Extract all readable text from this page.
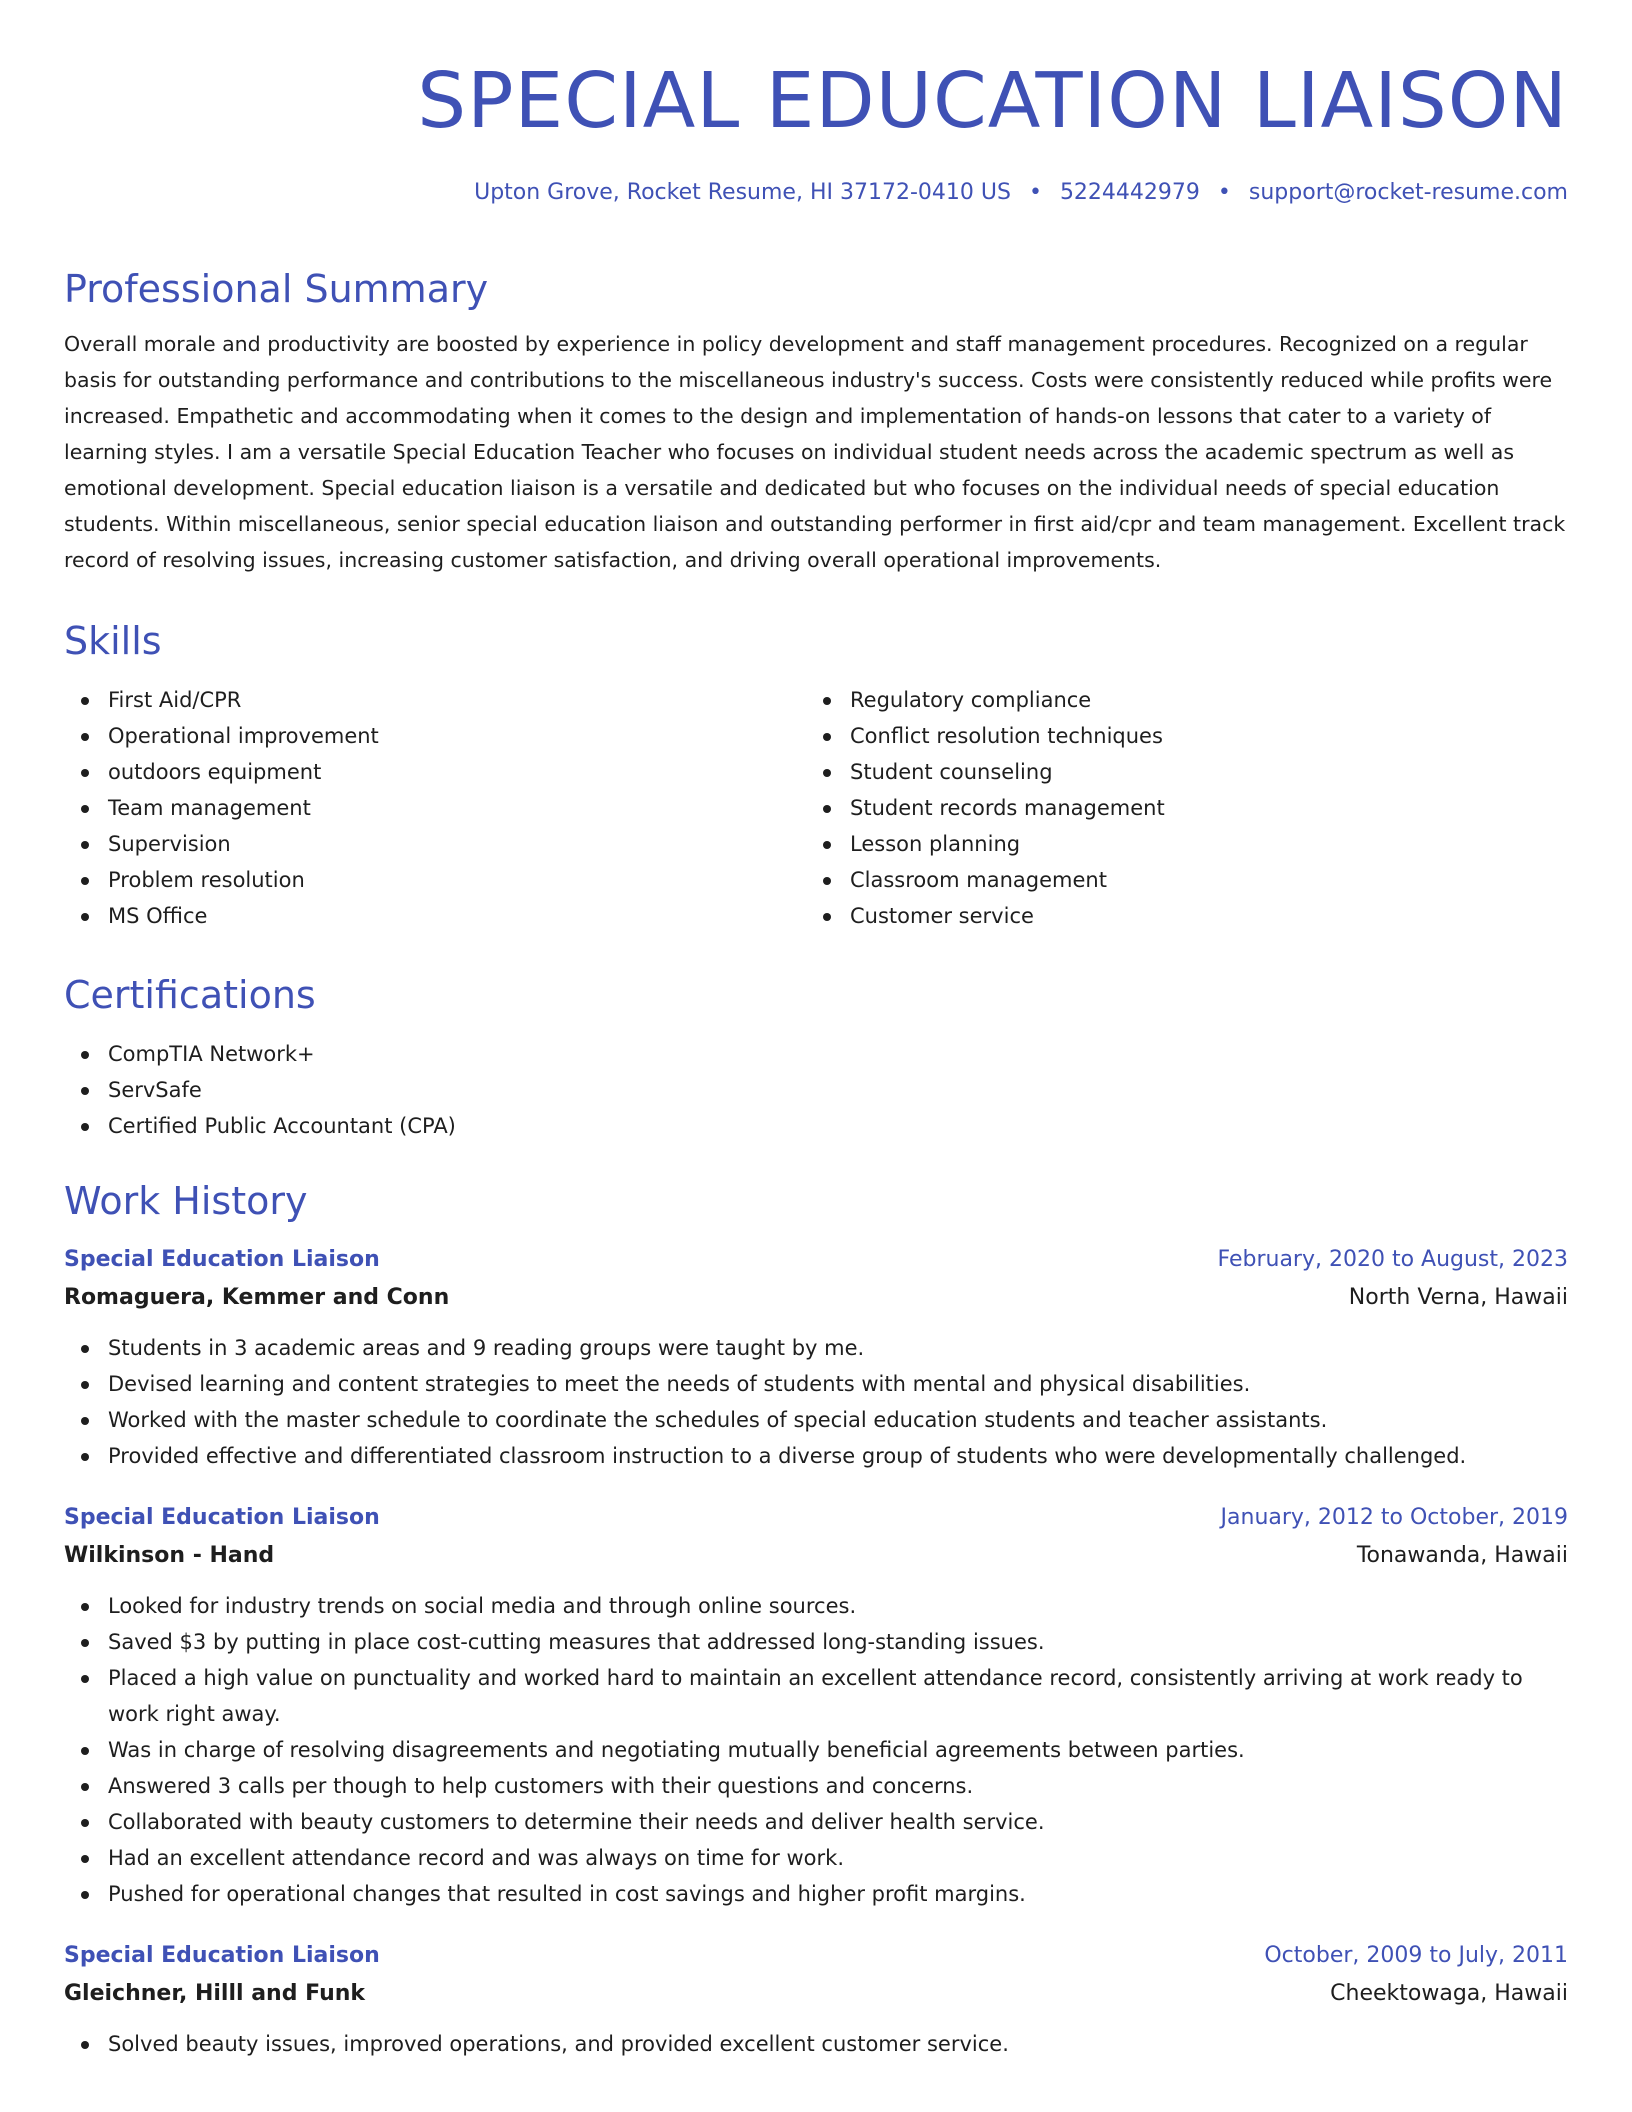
SPECIAL EDUCATION LIAISON
Upton Grove, Rocket Resume, HI 37172-0410 US • 5224442979 • support@rocket-resume.com
Professional Summary

Overall morale and productivity are boosted by experience in policy development and staff management procedures. Recognized on a regular basis for outstanding performance and contributions to the miscellaneous industry's success. Costs were consistently reduced while profits were increased. Empathetic and accommodating when it comes to the design and implementation of hands-on lessons that cater to a variety of learning styles. I am a versatile Special Education Teacher who focuses on individual student needs across the academic spectrum as well as emotional development. Special education liaison is a versatile and dedicated but who focuses on the individual needs of special education students. Within miscellaneous, senior special education liaison and outstanding performer in first aid/cpr and team management. Excellent track record of resolving issues, increasing customer satisfaction, and driving overall operational improvements.

Skills
First Aid/CPR
Operational improvement
outdoors equipment
Team management
Supervision
Problem resolution
MS Office
Regulatory compliance
Conflict resolution techniques
Student counseling
Student records management
Lesson planning
Classroom management
Customer service
Certifications
CompTIA Network+
ServSafe
Certified Public Accountant (CPA)
Work History
Special Education Liaison	February, 2020 to August, 2023
Romaguera, Kemmer and Conn	North Verna, Hawaii
Students in 3 academic areas and 9 reading groups were taught by me.
Devised learning and content strategies to meet the needs of students with mental and physical disabilities.
Worked with the master schedule to coordinate the schedules of special education students and teacher assistants.
Provided effective and differentiated classroom instruction to a diverse group of students who were developmentally challenged.
Special Education Liaison	January, 2012 to October, 2019
Wilkinson - Hand	Tonawanda, Hawaii
Looked for industry trends on social media and through online sources.
Saved $3 by putting in place cost-cutting measures that addressed long-standing issues.
Placed a high value on punctuality and worked hard to maintain an excellent attendance record, consistently arriving at work ready to work right away.
Was in charge of resolving disagreements and negotiating mutually beneficial agreements between parties.
Answered 3 calls per though to help customers with their questions and concerns.
Collaborated with beauty customers to determine their needs and deliver health service.
Had an excellent attendance record and was always on time for work.
Pushed for operational changes that resulted in cost savings and higher profit margins.
Special Education Liaison	October, 2009 to July, 2011
Gleichner, Hilll and Funk	Cheektowaga, Hawaii
Solved beauty issues, improved operations, and provided excellent customer service.
